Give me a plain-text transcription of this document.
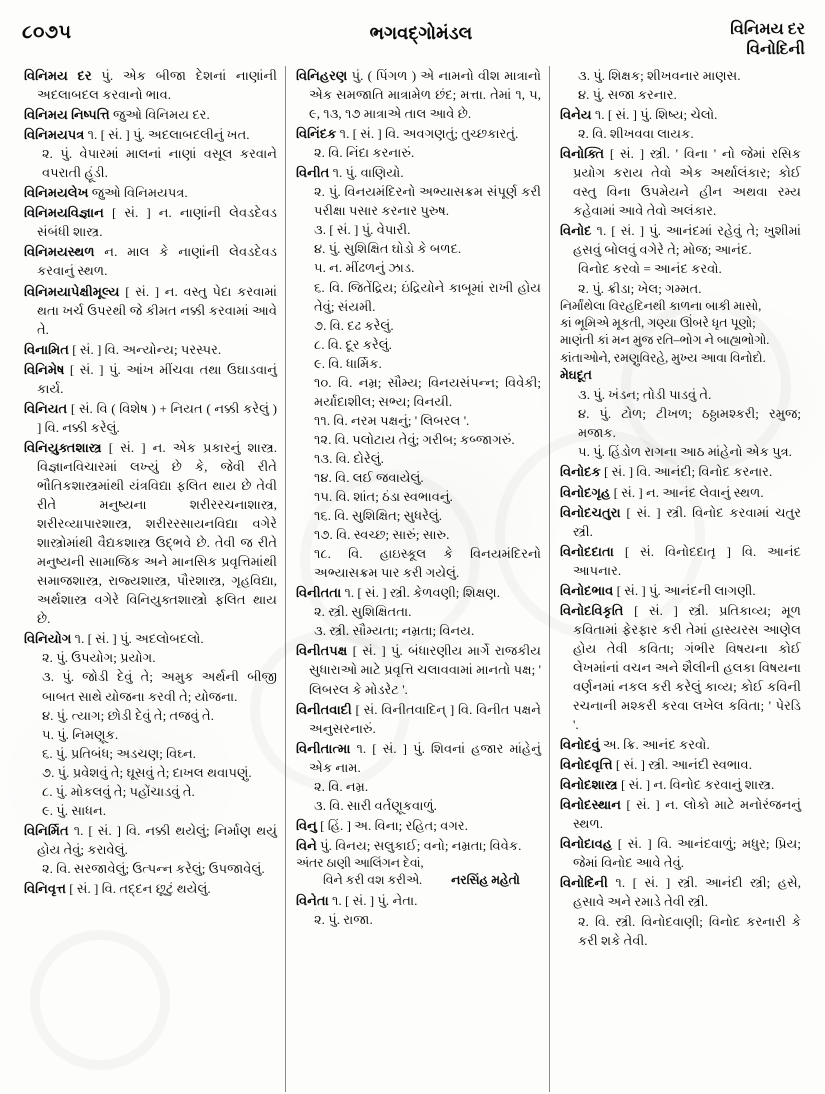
૮૦૭૫	ભગવદ્ગોમંડલ	વિનિમય દર
વિનોદિની

વિનિમય દર પું. એક બીજા દેશનાં નાણાંની અદલાબદલ કરવાનો ભાવ.

વિનિમય નિષ્પત્તિ જુઓ વિનિમય દર.

વિનિમયપત્ર ૧. [ સં. ] પું. અદલાબદલીનું ખત.

૨. પું. વેપારમાં માલનાં નાણાં વસૂલ કરવાને વપરાતી હૂંડી.

વિનિમયલેખ જુઓ વિનિમયપત્ર.

વિનિમયવિજ્ઞાન [ સં. ] ન. નાણાંની લેવડદેવડ સંબંધી શાસ્ત્ર.

વિનિમયસ્થળ ન. માલ કે નાણાંની લેવડદેવડ કરવાનું સ્થળ.

વિનિમયાપેક્ષીમૂલ્ય [ સં. ] ન. વસ્તુ પેદા કરવામાં થતા ખર્ચ ઉપરથી જે કીમત નક્કી કરવામાં આવે તે.

વિનામિત [ સં. ] વિ. અન્યોન્ય; પરસ્પર.

વિનિમેષ [ સં. ] પું. આંખ મીંચવા તથા ઉઘાડવાનું કાર્ય.

વિનિયત [ સં. વિ ( વિશેષ ) + નિયત ( નક્કી કરેલું ) ] વિ. નક્કી કરેલું.

વિનિયુક્તશાસ્ત્ર [ સં. ] ન. એક પ્રકારનું શાસ્ત્ર. વિજ્ઞાનવિચારમાં લખ્યું છે કે, જેવી રીતે ભૌતિકશાસ્ત્રમાંથી યંત્રવિદ્યા ફલિત થાય છે તેવી રીતે મનુષ્યના શરીરરચનાશાસ્ત્ર, શરીરવ્યાપારશાસ્ત્ર, શરીરરસાયનવિદ્યા વગેરે શાસ્ત્રોમાંથી વૈદ્યકશાસ્ત્ર ઉદ્ભવે છે. તેવી જ રીતે મનુષ્યની સામાજિક અને માનસિક પ્રવૃત્તિમાંથી સમાજશાસ્ત્ર, રાજ્યશાસ્ત્ર, પૌરશાસ્ત્ર, ગૃહવિદ્યા, અર્થશાસ્ત્ર વગેરે વિનિયુક્તશાસ્ત્રો ફલિત થાય છે.

વિનિયોગ ૧. [ સં. ] પું. અદલોબદલો.

૨. પું. ઉપયોગ; પ્રયોગ.

૩. પું. જોડી દેવું તે; અમુક અર્થની બીજી બાબત સાથે યોજના કરવી તે; યોજના.

૪. પું. ત્યાગ; છોડી દેવું તે; તજવું તે.

૫. પું. નિમણૂક.

૬. પું. પ્રતિબંધ; અડચણ; વિઘ્ન.

૭. પું. પ્રવેશવું તે; ઘૂસવું તે; દાખલ થવાપણું.

૮. પું. મોકલવું તે; પહોંચાડવું તે.

૯. પું. સાધન.

વિનિર્મિત ૧. [ સં. ] વિ. નક્કી થયેલું; નિર્માણ થયું હોય તેવું; કરાવેલું.

૨. વિ. સરજાવેલું; ઉત્પન્ન કરેલું; ઉપજાવેલું.

વિનિવૃત્ત [ સં. ] વિ. તદ્દન છૂટું થયેલું.

વિનિહરણ પું. ( પિંગળ ) એ નામનો વીશ માત્રાનો એક સમજાતિ માત્રામેળ છંદ; મત્તા. તેમાં ૧, ૫, ૯, ૧૩, ૧૭ માત્રાએ તાલ આવે છે.

વિનિંદક ૧. [ સં. ] વિ. અવગણતું; તુચ્છકારતું.

૨. વિ. નિંદા કરનારું.

વિનીત ૧. પું. વાણિયો.

૨. પું. વિનયમંદિરનો અભ્યાસક્રમ સંપૂર્ણ કરી પરીક્ષા પસાર કરનાર પુરુષ.

૩. [ સં. ] પું. વેપારી.

૪. પું. સુશિક્ષિત ઘોડો કે બળદ.

૫. ન. મીંઢળનું ઝાડ.

૬. વિ. જિતેંદ્રિય; ઇંદ્રિયોને કાબૂમાં રાખી હોય તેવું; સંયમી.

૭. વિ. દઢ કરેલું.

૮. વિ. દૂર કરેલું.

૯. વિ. ધાર્મિક.

૧૦. વિ. નમ્ર; સૌમ્ય; વિનયસંપન્ન; વિવેકી; મર્યાદાશીલ; સભ્ય; વિનયી.

૧૧. વિ. નરમ પક્ષનું; ' લિબરલ '.

૧૨. વિ. પલોટાય તેવું; ગરીબ; કબ્જાગરું.

૧૩. વિ. દોરેલું.

૧૪. વિ. લઈ જવાયેલું.

૧૫. વિ. શાંત; ઠંડા સ્વભાવનું.

૧૬. વિ. સુશિક્ષિત; સુધરેલું.

૧૭. વિ. સ્વચ્છ; સારું; સારુ.

૧૮. વિ. હાઇસ્કૂલ કે વિનયમંદિરનો અભ્યાસક્રમ પાર કરી ગયેલું.

વિનીતતા ૧. [ સં. ] સ્ત્રી. કેળવણી; શિક્ષણ.

૨. સ્ત્રી. સુશિક્ષિતતા.

૩. સ્ત્રી. સૌમ્યતા; નમ્રતા; વિનય.

વિનીતપક્ષ [ સં. ] પું. બંધારણીય માર્ગે રાજકીય સુધારાઓ માટે પ્રવૃત્તિ ચલાવવામાં માનતો પક્ષ; ' લિબરલ કે મોડરેટ '.

વિનીતવાદી [ સં. વિનીતવાદિન્ ] વિ. વિનીત પક્ષને અનુસરનારું.

વિનીતાત્મા ૧. [ સં. ] પું. શિવનાં હજાર માંહેનું એક નામ.

૨. વિ. નમ્ર.

૩. વિ. સારી વર્તણૂકવાળું.

વિનુ [ હિં. ] અ. વિના; રહિત; વગર.

વિને પું. વિનય; સલુકાઈ; વનો; નમ્રતા; વિવેક.

અંતર ઠાણી આલિંગન દેવાં,

વિને કરી વશ કરીએ. નરસિંહ મહેતો

વિનેતા ૧. [ સં. ] પું. નેતા.

૨. પું. રાજા.

૩. પું. શિક્ષક; શીખવનાર માણસ.

૪. પું. સજા કરનાર.

વિનેય ૧. [ સં. ] પું. શિષ્ય; ચેલો.

૨. વિ. શીખવવા લાયક.

વિનોક્તિ [ સં. ] સ્ત્રી. ' વિના ' નો જેમાં રસિક પ્રયોગ કરાય તેવો એક અર્થાલંકાર; કોઈ વસ્તુ વિના ઉપમેયને હીન અથવા રમ્ય કહેવામાં આવે તેવો અલંકાર.

વિનોદ ૧. [ સં. ] પું. આનંદમાં રહેવું તે; ખુશીમાં હસવું બોલવું વગેરે તે; મોજ; આનંદ.

વિનોદ કરવો = આનંદ કરવો.

૨. પું. ક્રીડા; ખેલ; ગમ્મત.

નિર્માંથેલા વિરહદિનથી કાળના બાકી માસો,

કાં ભૂમિએ મૂકતી, ગણ્યા ઊંબરે ધૃત પૂણો;

માણંતી કાં મન મુજ રતિ–ભોગ ને બાહ્યભોગો.

કાંતાઓને, રમણુવિરહે, મુખ્ય આવા વિનોદો.

મેઘદૂત

૩. પું. ખંડન; તોડી પાડવું તે.

૪. પું. ટોળ; ટીખળ; ઠઠ્ઠામશ્કરી; રમુજ; મજાક.

૫. પું. હિંડોળ રાગના આઠ માંહેનો એક પુત્ર.

વિનોદક [ સં. ] વિ. આનંદી; વિનોદ કરનાર.

વિનોદગૃહ [ સં. ] ન. આનંદ લેવાનું સ્થળ.

વિનોદચતુરા [ સં. ] સ્ત્રી. વિનોદ કરવામાં ચતુર સ્ત્રી.

વિનોદદાતા [ સં. વિનોદદાતૃ ] વિ. આનંદ આપનાર.

વિનોદભાવ [ સં. ] પું. આનંદની લાગણી.

વિનોદવિકૃતિ [ સં. ] સ્ત્રી. પ્રતિકાવ્ય; મૂળ કવિતામાં ફેરફાર કરી તેમાં હાસ્યરસ આણેલ હોય તેવી કવિતા; ગંભીર વિષયના કોઈ લેખમાંનાં વચન અને શૈલીની હલકા વિષયના વર્ણનમાં નકલ કરી કરેલું કાવ્ય; કોઈ કવિની રચનાની મશ્કરી કરવા લખેલ કવિતા; ' પેરડિ '.

વિનોદવું અ. ક્રિ. આનંદ કરવો.

વિનોદવૃત્તિ [ સં. ] સ્ત્રી. આનંદી સ્વભાવ.

વિનોદશાસ્ત્ર [ સં. ] ન. વિનોદ કરવાનું શાસ્ત્ર.

વિનોદસ્થાન [ સં. ] ન. લોકો માટે મનોરંજનનું સ્થળ.

વિનોદાવહ [ સં. ] વિ. આનંદવાળું; મધુર; પ્રિય; જેમાં વિનોદ આવે તેવું.

વિનોદિની ૧. [ સં. ] સ્ત્રી. આનંદી સ્ત્રી; હસે, હસાવે અને રમાડે તેવી સ્ત્રી.

૨. વિ. સ્ત્રી. વિનોદવાણી; વિનોદ કરનારી કે કરી શકે તેવી.
